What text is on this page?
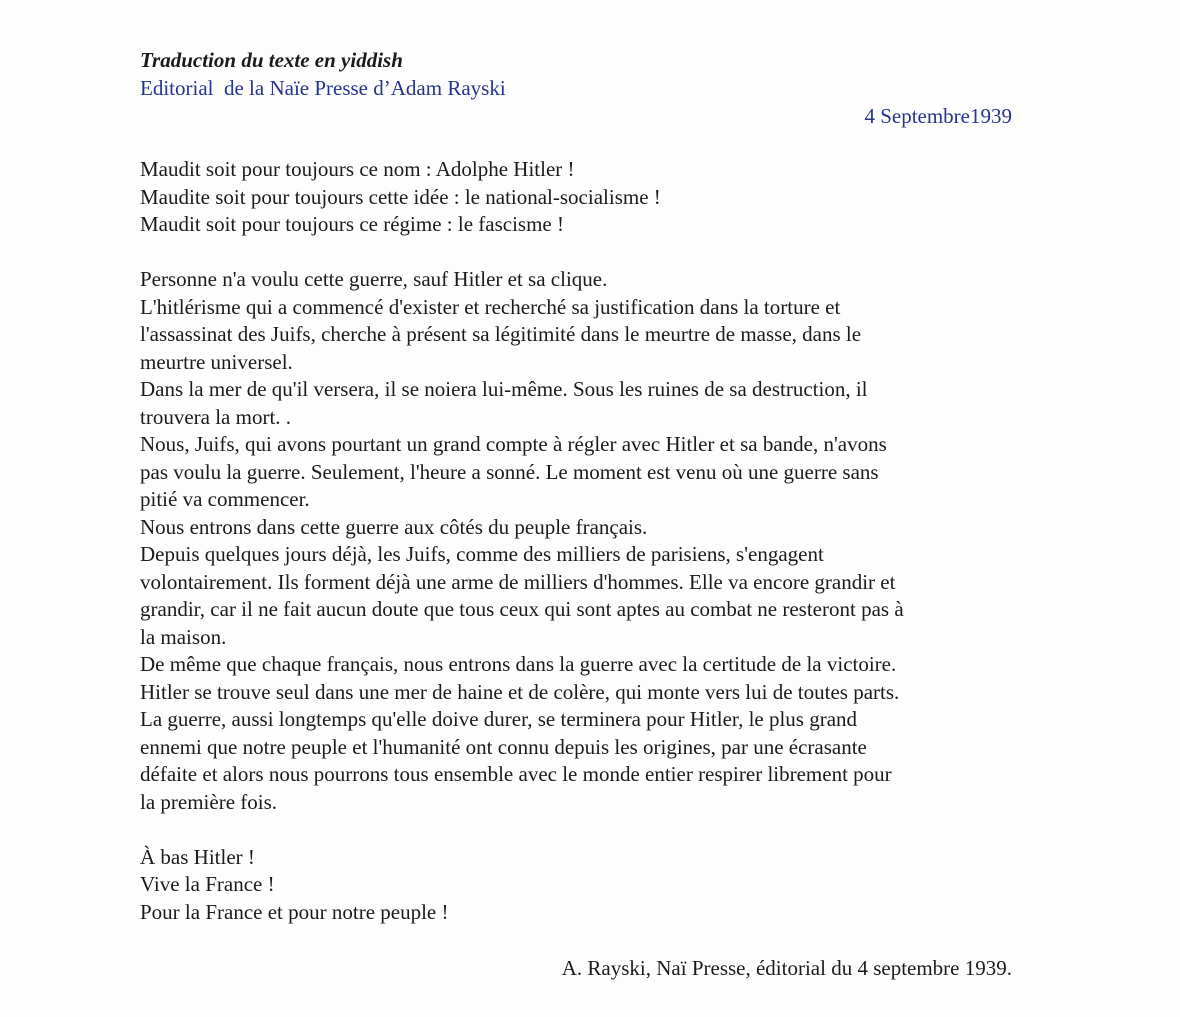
Traduction du texte en yiddish
Editorial  de la Naïe Presse d’Adam Rayski
4 Septembre1939
Maudit soit pour toujours ce nom : Adolphe Hitler !
Maudite soit pour toujours cette idée : le national-socialisme !
Maudit soit pour toujours ce régime : le fascisme !

Personne n'a voulu cette guerre, sauf Hitler et sa clique.
L'hitlérisme qui a commencé d'exister et recherché sa justification dans la torture et
l'assassinat des Juifs, cherche à présent sa légitimité dans le meurtre de masse, dans le
meurtre universel.
Dans la mer de qu'il versera, il se noiera lui-même. Sous les ruines de sa destruction, il
trouvera la mort. .
Nous, Juifs, qui avons pourtant un grand compte à régler avec Hitler et sa bande, n'avons
pas voulu la guerre. Seulement, l'heure a sonné. Le moment est venu où une guerre sans
pitié va commencer.
Nous entrons dans cette guerre aux côtés du peuple français.
Depuis quelques jours déjà, les Juifs, comme des milliers de parisiens, s'engagent
volontairement. Ils forment déjà une arme de milliers d'hommes. Elle va encore grandir et
grandir, car il ne fait aucun doute que tous ceux qui sont aptes au combat ne resteront pas à
la maison.
De même que chaque français, nous entrons dans la guerre avec la certitude de la victoire.
Hitler se trouve seul dans une mer de haine et de colère, qui monte vers lui de toutes parts.
La guerre, aussi longtemps qu'elle doive durer, se terminera pour Hitler, le plus grand
ennemi que notre peuple et l'humanité ont connu depuis les origines, par une écrasante
défaite et alors nous pourrons tous ensemble avec le monde entier respirer librement pour
la première fois.

À bas Hitler !
Vive la France !
Pour la France et pour notre peuple !
A. Rayski, Naï Presse, éditorial du 4 septembre 1939.
